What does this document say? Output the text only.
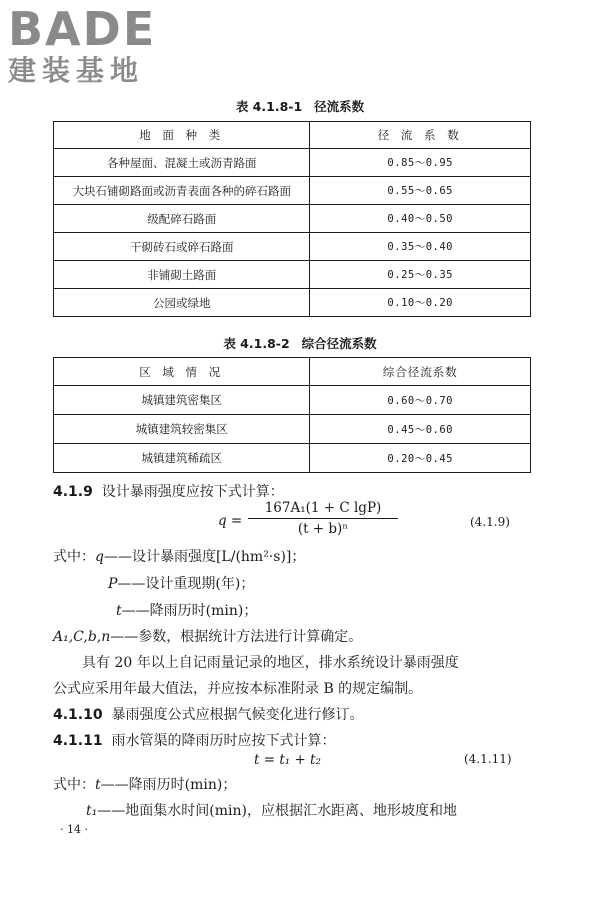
BADE
建装基地
表 4.1.8-1 径流系数
地 面 种 类	径 流 系 数
各种屋面、混凝土或沥青路面	0.85～0.95
大块石铺砌路面或沥青表面各种的碎石路面	0.55～0.65
级配碎石路面	0.40～0.50
干砌砖石或碎石路面	0.35～0.40
非铺砌土路面	0.25～0.35
公园或绿地	0.10～0.20
表 4.1.8-2 综合径流系数
区 域 情 况	综合径流系数
城镇建筑密集区	0.60～0.70
城镇建筑较密集区	0.45～0.60
城镇建筑稀疏区	0.20～0.45
4.1.9 设计暴雨强度应按下式计算：
q =
167A₁(1 + C lgP)
(t + b)ⁿ	(4.1.9)
式中：q——设计暴雨强度[L/(hm²·s)]；
P——设计重现期(年)；
t——降雨历时(min)；
A₁,C,b,n——参数，根据统计方法进行计算确定。
具有 20 年以上自记雨量记录的地区，排水系统设计暴雨强度
公式应采用年最大值法，并应按本标准附录 B 的规定编制。
4.1.10 暴雨强度公式应根据气候变化进行修订。
4.1.11 雨水管渠的降雨历时应按下式计算：
t = t₁ + t₂	(4.1.11)
式中：t——降雨历时(min)；
t₁——地面集水时间(min)，应根据汇水距离、地形坡度和地
· 14 ·
